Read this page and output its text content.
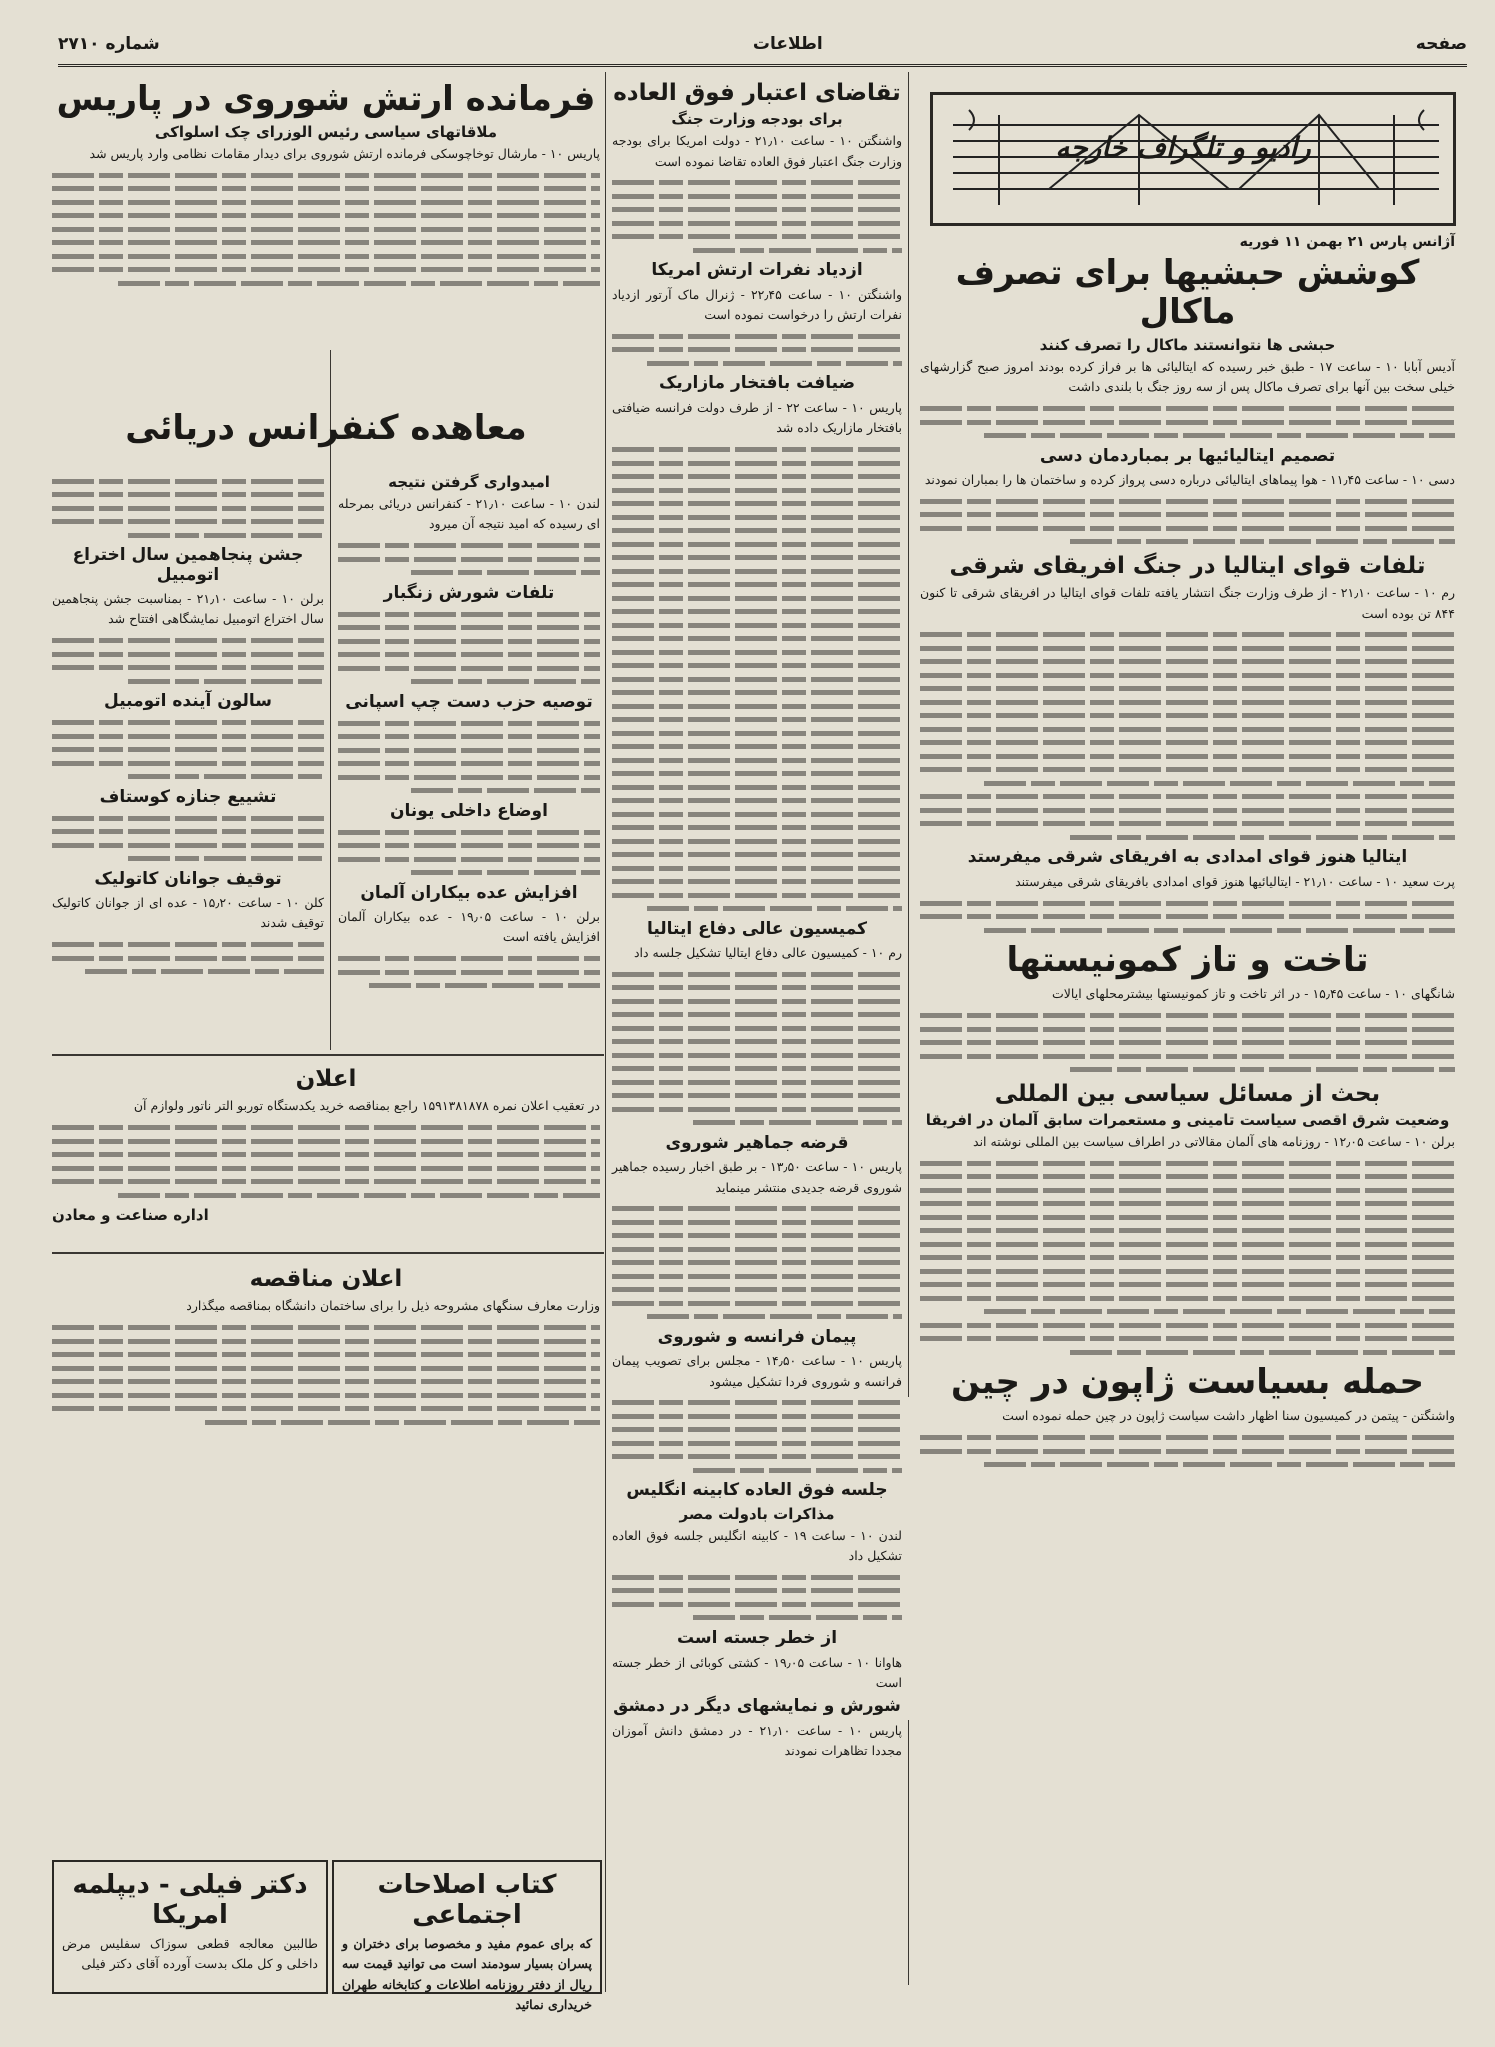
صفحه
اطلاعات
شماره ۲۷۱۰
رادیو و تلگراف خارجه
آژانس پارس ۲۱ بهمن ۱۱ فوریه
کوشش حبشیها برای تصرف ماکال
حبشی ها نتوانستند ماکال را تصرف کنند

آدیس آبابا ۱۰ - ساعت ۱۷ - طبق خبر رسیده که ایتالیائی ها بر فراز کرده بودند امروز صبح گزارشهای خیلی سخت بین آنها برای تصرف ماکال پس از سه روز جنگ با بلندی داشت

تصمیم ایتالیائیها بر بمباردمان دسی

دسی ۱۰ - ساعت ۱۱٫۴۵ - هوا پیماهای ایتالیائی درباره دسی پرواز کرده و ساختمان ها را بمباران نمودند

تلفات قوای ایتالیا در جنگ افریقای شرقی

رم ۱۰ - ساعت ۲۱٫۱۰ - از طرف وزارت جنگ انتشار یافته تلفات قوای ایتالیا در افریقای شرقی تا کنون ۸۴۴ تن بوده است

ایتالیا هنوز قوای امدادی به افریقای شرقی میفرستد

پرت سعید ۱۰ - ساعت ۲۱٫۱۰ - ایتالیائیها هنوز قوای امدادی بافریقای شرقی میفرستند

تاخت و تاز کمونیستها

شانگهای ۱۰ - ساعت ۱۵٫۴۵ - در اثر تاخت و تاز کمونیستها بیشترمحلهای ایالات

بحث از مسائل سیاسی بین المللی
وضعیت شرق اقصی سیاست تامینی و مستعمرات سابق آلمان در افریقا

برلن ۱۰ - ساعت ۱۲٫۰۵ - روزنامه های آلمان مقالاتی در اطراف سیاست بین المللی نوشته اند

حمله بسیاست ژاپون در چین

واشنگتن - پیتمن در کمیسیون سنا اظهار داشت سیاست ژاپون در چین حمله نموده است

تقاضای اعتبار فوق العاده
برای بودجه وزارت جنگ

واشنگتن ۱۰ - ساعت ۲۱٫۱۰ - دولت امریکا برای بودجه وزارت جنگ اعتبار فوق العاده تقاضا نموده است

ازدیاد نفرات ارتش امریکا

واشنگتن ۱۰ - ساعت ۲۲٫۴۵ - ژنرال ماک آرتور ازدیاد نفرات ارتش را درخواست نموده است

ضیافت بافتخار مازاریک

پاریس ۱۰ - ساعت ۲۲ - از طرف دولت فرانسه ضیافتی بافتخار مازاریک داده شد

کمیسیون عالی دفاع ایتالیا

رم ۱۰ - کمیسیون عالی دفاع ایتالیا تشکیل جلسه داد

قرضه جماهیر شوروی

پاریس ۱۰ - ساعت ۱۳٫۵۰ - بر طبق اخبار رسیده جماهیر شوروی قرضه جدیدی منتشر مینماید

پیمان فرانسه و شوروی

پاریس ۱۰ - ساعت ۱۴٫۵۰ - مجلس برای تصویب پیمان فرانسه و شوروی فردا تشکیل میشود

جلسه فوق العاده کابینه انگلیس
مذاکرات بادولت مصر

لندن ۱۰ - ساعت ۱۹ - کابینه انگلیس جلسه فوق العاده تشکیل داد

از خطر جسته است

هاوانا ۱۰ - ساعت ۱۹٫۰۵ - کشتی کوبائی از خطر جسته است

شورش و نمایشهای دیگر در دمشق

پاریس ۱۰ - ساعت ۲۱٫۱۰ - در دمشق دانش آموزان مجددا تظاهرات نمودند

فرمانده ارتش شوروی در پاریس
ملاقاتهای سیاسی رئیس الوزرای چک اسلواکی

پاریس ۱۰ - مارشال توخاچوسکی فرمانده ارتش شوروی برای دیدار مقامات نظامی وارد پاریس شد

معاهده کنفرانس دریائی
امیدواری گرفتن نتیجه

لندن ۱۰ - ساعت ۲۱٫۱۰ - کنفرانس دریائی بمرحله ای رسیده که امید نتیجه آن میرود

تلفات شورش زنگبار
توصیه حزب دست چپ اسپانی
اوضاع داخلی یونان
افزایش عده بیکاران آلمان

برلن ۱۰ - ساعت ۱۹٫۰۵ - عده بیکاران آلمان افزایش یافته است

جشن پنجاهمین سال اختراع اتومبیل

برلن ۱۰ - ساعت ۲۱٫۱۰ - بمناسبت جشن پنجاهمین سال اختراع اتومبیل نمایشگاهی افتتاح شد

سالون آینده اتومبیل
تشییع جنازه کوستاف
توقیف جوانان کاتولیک

کلن ۱۰ - ساعت ۱۵٫۲۰ - عده ای از جوانان کاتولیک توقیف شدند

اعلان

در تعقیب اعلان نمره ۱۵۹۱۳۸۱۸۷۸ راجع بمناقصه خرید یکدستگاه توربو التر ناتور ولوازم آن

اداره صناعت و معادن
اعلان مناقصه

وزارت معارف سنگهای مشروحه ذیل را برای ساختمان دانشگاه بمناقصه میگذارد

کتاب اصلاحات اجتماعی

که برای عموم مفید و مخصوصا برای دختران و پسران بسیار سودمند است می توانید قیمت سه ریال از دفتر روزنامه اطلاعات و کتابخانه طهران خریداری نمائید

دکتر فیلی - دیپلمه امریکا

طالبین معالجه قطعی سوزاک سفلیس مرض داخلی و کل ملک بدست آورده آقای دکتر فیلی
